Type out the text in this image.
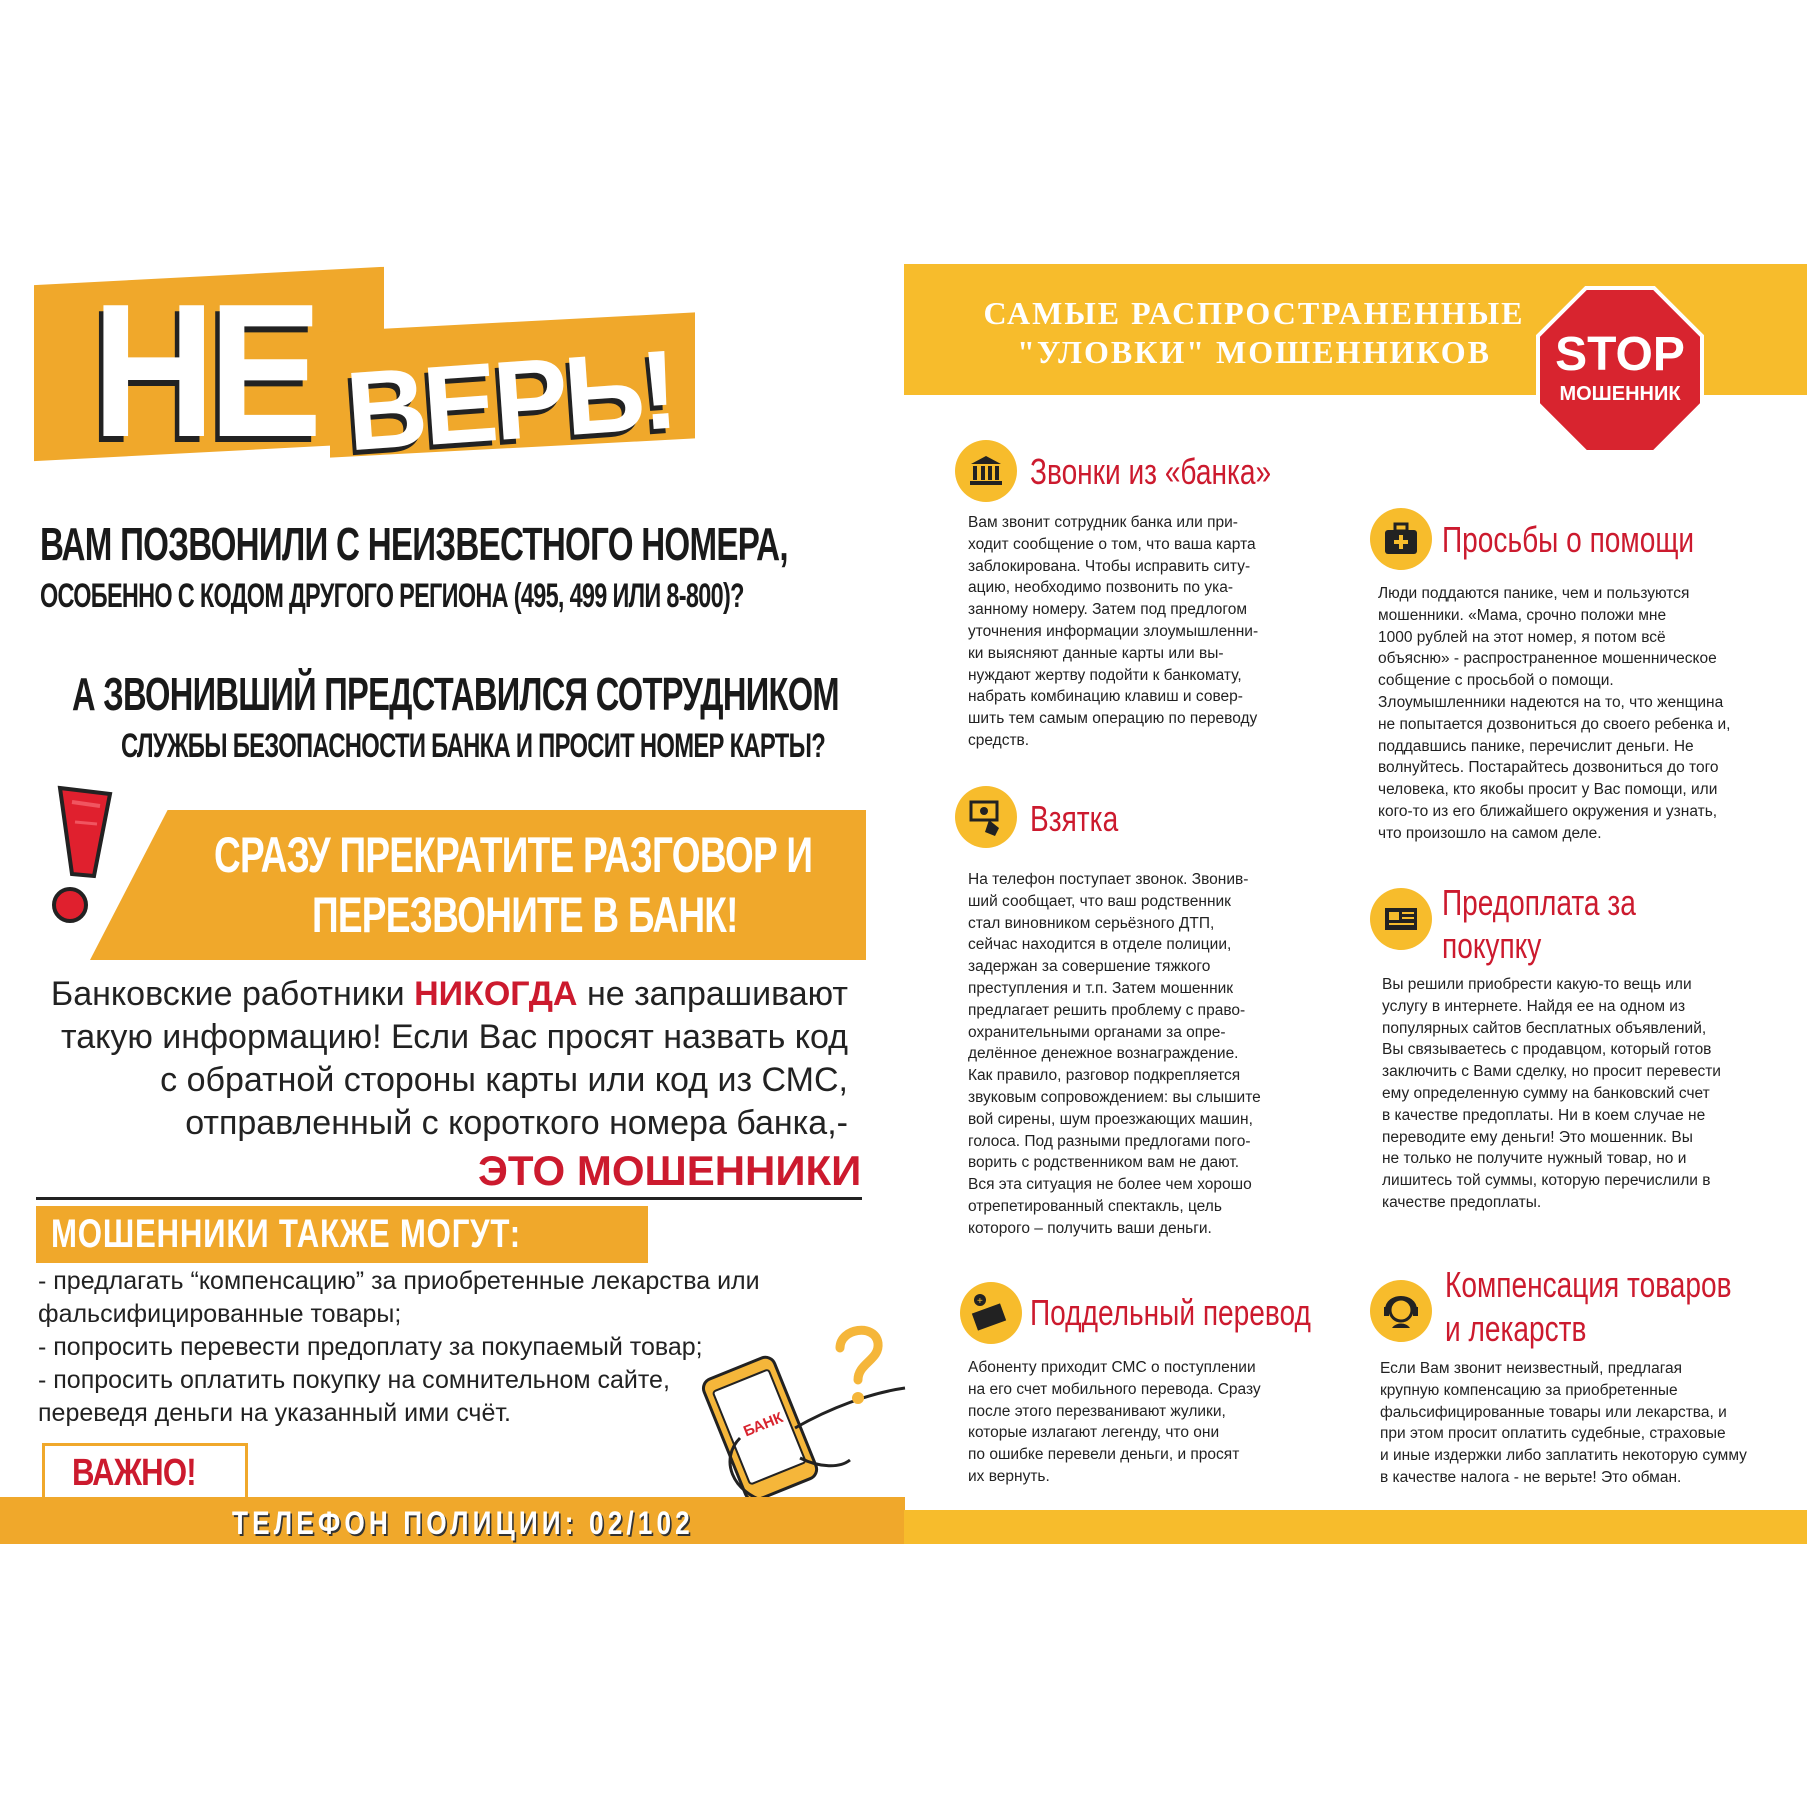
НЕ ВЕРЬ!
ВАМ ПОЗВОНИЛИ С НЕИЗВЕСТНОГО НОМЕРА,
ОСОБЕННО С КОДОМ ДРУГОГО РЕГИОНА (495, 499 ИЛИ 8-800)?
А ЗВОНИВШИЙ ПРЕДСТАВИЛСЯ СОТРУДНИКОМ
СЛУЖБЫ БЕЗОПАСНОСТИ БАНКА И ПРОСИТ НОМЕР КАРТЫ?
СРАЗУ ПРЕКРАТИТЕ РАЗГОВОР И
ПЕРЕЗВОНИТЕ В БАНК!
Банковские работники НИКОГДА не запрашивают такую информацию! Если Вас просят назвать код с обратной стороны карты или код из СМС, отправленный с короткого номера банка,-
ЭТО МОШЕННИКИ
МОШЕННИКИ ТАКЖЕ МОГУТ:
- предлагать “компенсацию” за приобретенные лекарства или
фальсифицированные товары;
- попросить перевести предоплату за покупаемый товар;
- попросить оплатить покупку на сомнительном сайте,
переведя деньги на указанный ими счёт.	БАНК
ВАЖНО!
ТЕЛЕФОН ПОЛИЦИИ: 02/102
САМЫЕ РАСПРОСТРАНЕННЫЕ
"УЛОВКИ" МОШЕННИКОВ	STOP
МОШЕННИК
Звонки из «банка»
Вам звонит сотрудник банка или при-
ходит сообщение о том, что ваша карта
заблокирована. Чтобы исправить ситу-
ацию, необходимо позвонить по ука-
занному номеру. Затем под предлогом
уточнения информации злоумышленни-
ки выясняют данные карты или вы-
нуждают жертву подойти к банкомату,
набрать комбинацию клавиш и совер-
шить тем самым операцию по переводу
средств.
Взятка
На телефон поступает звонок. Звонив-
ший сообщает, что ваш родственник
стал виновником серьёзного ДТП,
сейчас находится в отделе полиции,
задержан за совершение тяжкого
преступления и т.п. Затем мошенник
предлагает решить проблему с право-
охранительными органами за опре-
делённое денежное вознаграждение.
Как правило, разговор подкрепляется
звуковым сопровождением: вы слышите
вой сирены, шум проезжающих машин,
голоса. Под разными предлогами пого-
ворить с родственником вам не дают.
Вся эта ситуация не более чем хорошо
отрепетированный спектакль, цель
которого – получить ваши деньги.
+ Поддельный перевод
Абоненту приходит СМС о поступлении
на его счет мобильного перевода. Сразу
после этого перезванивают жулики,
которые излагают легенду, что они
по ошибке перевели деньги, и просят
их вернуть.
Просьбы о помощи
Люди поддаются панике, чем и пользуются
мошенники. «Мама, срочно положи мне
1000 рублей на этот номер, я потом всё
объясню» - распространенное мошенническое
собщение с просьбой о помощи.
Злоумышленники надеются на то, что женщина
не попытается дозвониться до своего ребенка и,
поддавшись панике, перечислит деньги. Не
волнуйтесь. Постарайтесь дозвониться до того
человека, кто якобы просит у Вас помощи, или
кого-то из его ближайшего окружения и узнать,
что произошло на самом деле.
Предоплата за
покупку
Вы решили приобрести какую-то вещь или
услугу в интернете. Найдя ее на одном из
популярных сайтов бесплатных объявлений,
Вы связываетесь с продавцом, который готов
заключить с Вами сделку, но просит перевести
ему определенную сумму на банковский счет
в качестве предоплаты. Ни в коем случае не
переводите ему деньги! Это мошенник. Вы
не только не получите нужный товар, но и
лишитесь той суммы, которую перечислили в
качестве предоплаты.
Компенсация товаров
и лекарств
Если Вам звонит неизвестный, предлагая
крупную компенсацию за приобретенные
фальсифицированные товары или лекарства, и
при этом просит оплатить судебные, страховые
и иные издержки либо заплатить некоторую сумму
в качестве налога - не верьте! Это обман.
